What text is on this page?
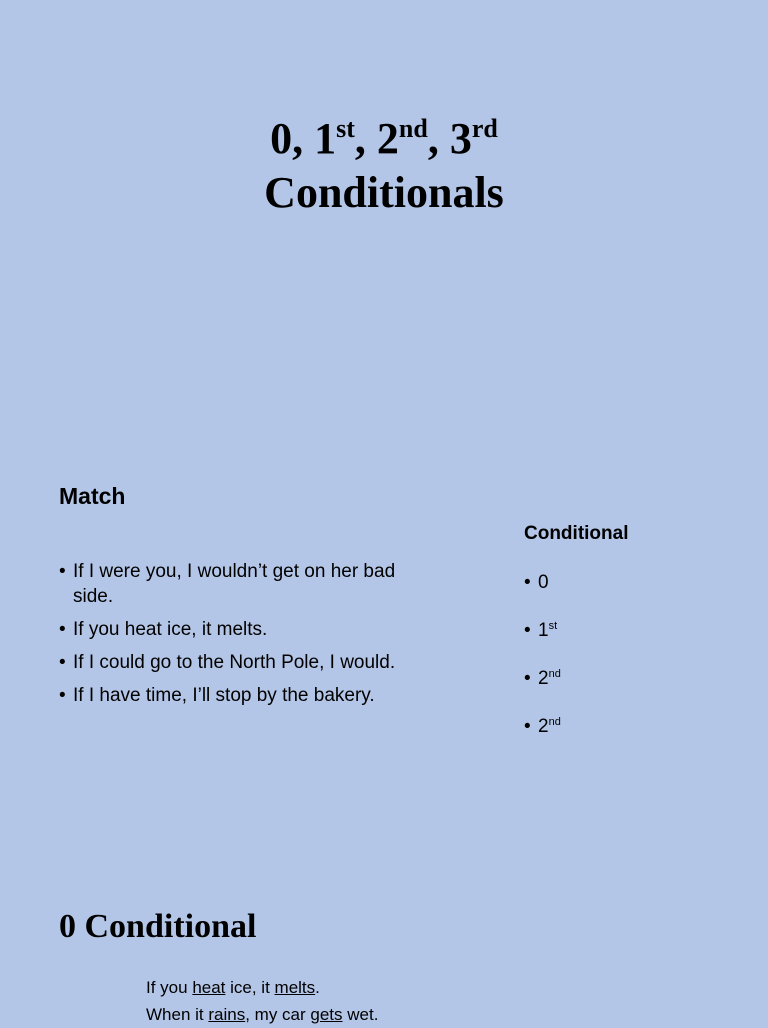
0, 1st, 2nd, 3rd
Conditionals
Match
• If I were you, I wouldn’t get on her bad side.
• If you heat ice, it melts.
• If I could go to the North Pole, I would.
• If I have time, I’ll stop by the bakery.
Conditional
• 0
• 1st
• 2nd
• 2nd
0 Conditional
If you heat ice, it melts.
When it rains, my car gets wet.
